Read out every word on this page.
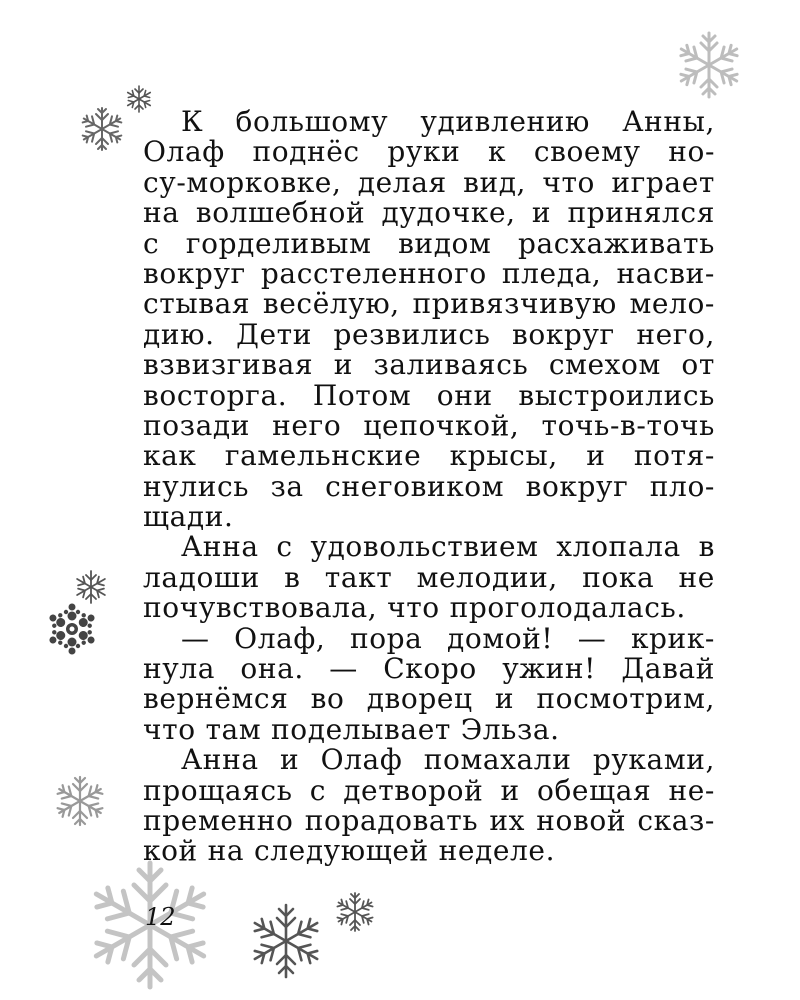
К большому удивлению Анны,
Олаф поднёс руки к своему но-
су-морковке, делая вид, что играет
на волшебной дудочке, и принялся
с горделивым видом расхаживать
вокруг расстеленного пледа, насви-
стывая весёлую, привязчивую мело-
дию. Дети резвились вокруг него,
взвизгивая и заливаясь смехом от
восторга. Потом они выстроились
позади него цепочкой, точь-в-точь
как гамельнские крысы, и потя-
нулись за снеговиком вокруг пло-
щади.
Анна с удовольствием хлопала в
ладоши в такт мелодии, пока не
почувствовала, что проголодалась.
— Олаф, пора домой! — крик-
нула она. — Скоро ужин! Давай
вернёмся во дворец и посмотрим,
что там поделывает Эльза.
Анна и Олаф помахали руками,
прощаясь с детворой и обещая не-
пременно порадовать их новой сказ-
кой на следующей неделе.
12
